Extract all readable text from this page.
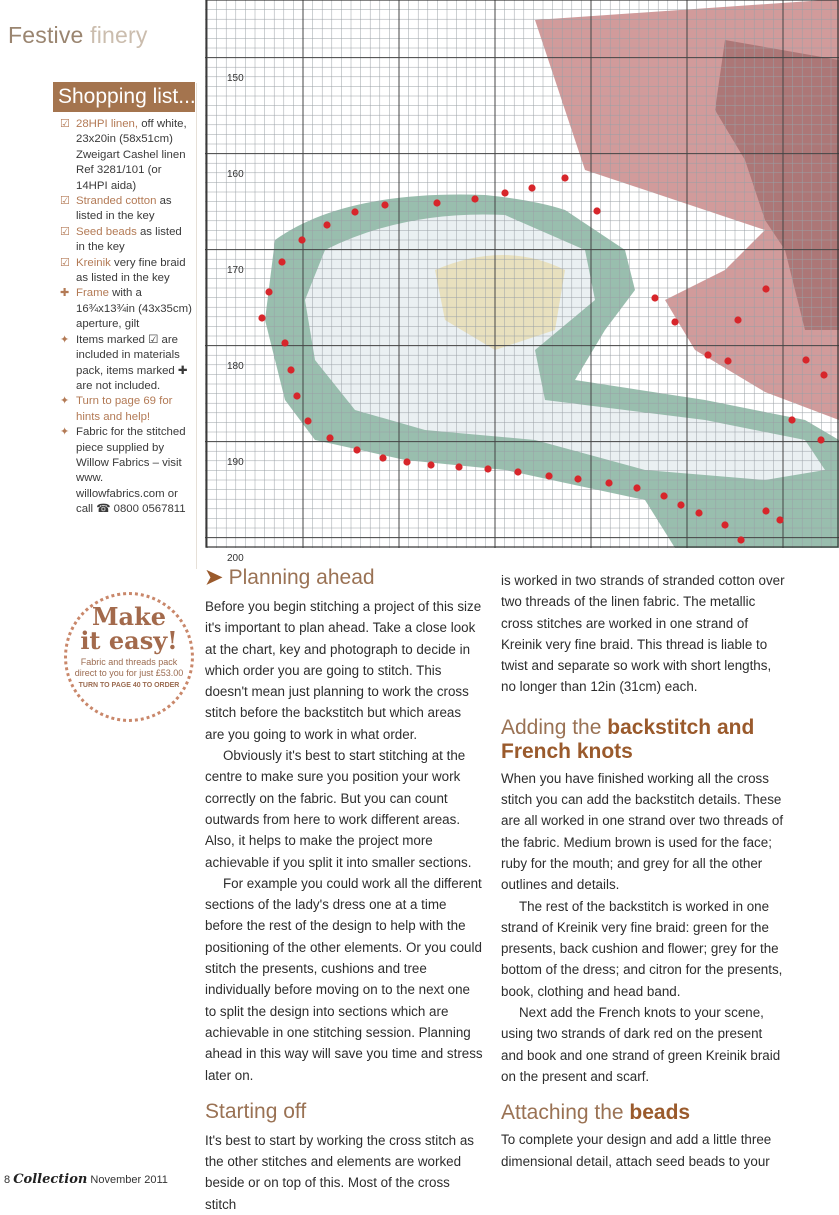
Festive finery
Shopping list...
☑ 28HPI linen, off white, 23x20in (58x51cm) Zweigart Cashel linen Ref 3281/101 (or 14HPI aida)
☑ Stranded cotton as listed in the key
☑ Seed beads as listed in the key
☑ Kreinik very fine braid as listed in the key
✚ Frame with a 16¾x13¾in (43x35cm) aperture, gilt
✦ Items marked ☑ are included in materials pack, items marked ✚ are not included.
✦ Turn to page 69 for hints and help!
✦ Fabric for the stitched piece supplied by Willow Fabrics – visit www. willowfabrics.com or call ☎ 0800 0567811
Make
it easy!
Fabric and threads pack direct to you for just £53.00
TURN TO PAGE 40 TO ORDER
150
160
170
180
190
200
➤ Planning ahead

Before you begin stitching a project of this size it's important to plan ahead. Take a close look at the chart, key and photograph to decide in which order you are going to stitch. This doesn't mean just planning to work the cross stitch before the backstitch but which areas are you going to work in what order.

Obviously it's best to start stitching at the centre to make sure you position your work correctly on the fabric. But you can count outwards from here to work different areas. Also, it helps to make the project more achievable if you split it into smaller sections.

For example you could work all the different sections of the lady's dress one at a time before the rest of the design to help with the positioning of the other elements. Or you could stitch the presents, cushions and tree individually before moving on to the next one to split the design into sections which are achievable in one stitching session. Planning ahead in this way will save you time and stress later on.

Starting off

It's best to start by working the cross stitch as the other stitches and elements are worked beside or on top of this. Most of the cross stitch

is worked in two strands of stranded cotton over two threads of the linen fabric. The metallic cross stitches are worked in one strand of Kreinik very fine braid. This thread is liable to twist and separate so work with short lengths, no longer than 12in (31cm) each.

Adding the backstitch and French knots

When you have finished working all the cross stitch you can add the backstitch details. These are all worked in one strand over two threads of the fabric. Medium brown is used for the face; ruby for the mouth; and grey for all the other outlines and details.

The rest of the backstitch is worked in one strand of Kreinik very fine braid: green for the presents, back cushion and flower; grey for the bottom of the dress; and citron for the presents, book, clothing and head band.

Next add the French knots to your scene, using two strands of dark red on the present and book and one strand of green Kreinik braid on the present and scarf.

Attaching the beads

To complete your design and add a little three dimensional detail, attach seed beads to your

8 Collection November 2011
